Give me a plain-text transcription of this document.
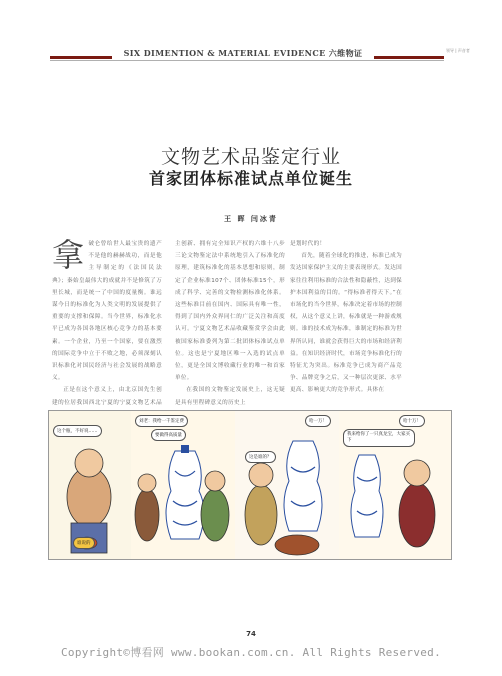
SIX DIMENTION & MATERIAL EVIDENCE 六维物证	领导 | 声音者
文物艺术品鉴定行业
首家团体标准试点单位诞生
王 晖 闫冰青

拿破仑曾给世人最宝贵的遗产不是他的赫赫战功，而是他主导制定的《法国民法典》；秦始皇最伟大的成就并不是修筑了万里长城，而是统一了中国的度量衡。谁远谋今日的标准化为人类文明的发展提供了重要的支撑和保障。当今世界，标准化水平已成为各国各地区核心竞争力的基本要素。一个企业，乃至一个国家，要在激烈的国际竞争中立于不败之地，必须深刻认识标准化对国民经济与社会发展的战略意义。

正是在这个意义上，由北京国先生创建的位居我国西北宁夏的宁夏文物艺术品

主创新、拥有完全知识产权的六维十八步三论文物鉴定法中系统地引入了标准化的原理，建筑标准化的基本思想和原则，制定了企业标准107个、团体标准15个，形成了科学、完善的文物检测标准化体系。这些标准目前在国内、国际具有唯一性，得到了国内外众界同仁的广泛关注和高度认可。宁夏文物艺术品收藏鉴赏学会由此被国家标准委列为第二批团体标准试点单位。这也是宁夏地区唯一入选的试点单位，更是全国文博收藏行业的唯一和首家单位。

在我国的文物鉴定发展史上，这无疑是具有里程碑意义的历史上

是划时代的！

首先，随着全球化的推进，标准已成为发达国家保护主义的主要表现形式。发达国家往往利用标准的合法性和隐蔽性，达到保护本国利益的目的。“得标准者得天下。”在市场化的当今世界，标准决定着市场的控制权，从这个意义上讲，标准就是一种游戏规则。谁的技术成为标准，谁制定的标准为世界所认同，谁就会获得巨大的市场和经济利益。在知识经济时代，市场竞争标准化行的特征尤为突出。标准竞争已成为商产品竞争、品牌竞争之后，又一种层次更深、水平更高、影响更大的竞争形式。具体在

这个瓶，不好说……
谁说的
刘老：我给一千鉴定费
要做得高质量
这是谁的？
哈一万！	哈十万！
我来给你了一只真龙宝，大家买下
74
Copyright©博看网 www.bookan.com.cn. All Rights Reserved.
